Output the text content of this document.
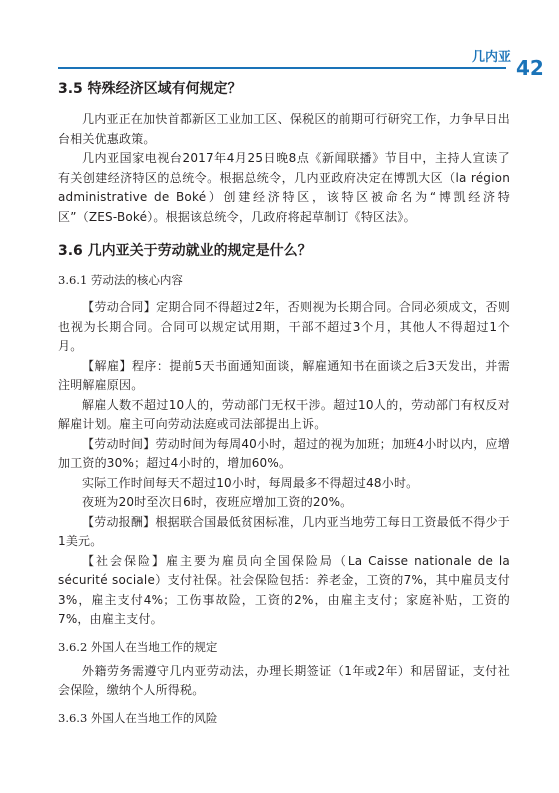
几内亚 42
3.5 特殊经济区域有何规定？

几内亚正在加快首都新区工业加工区、保税区的前期可行研究工作，力争早日出台相关优惠政策。

几内亚国家电视台2017年4月25日晚8点《新闻联播》节目中，主持人宣读了有关创建经济特区的总统令。根据总统令，几内亚政府决定在博凯大区（la région administrative de Boké）创建经济特区，该特区被命名为“博凯经济特区”（ZES-Boké）。根据该总统令，几政府将起草制订《特区法》。

3.6 几内亚关于劳动就业的规定是什么？
3.6.1 劳动法的核心内容

【劳动合同】定期合同不得超过2年，否则视为长期合同。合同必须成文，否则也视为长期合同。合同可以规定试用期，干部不超过3个月，其他人不得超过1个月。

【解雇】程序：提前5天书面通知面谈，解雇通知书在面谈之后3天发出，并需注明解雇原因。

解雇人数不超过10人的，劳动部门无权干涉。超过10人的，劳动部门有权反对解雇计划。雇主可向劳动法庭或司法部提出上诉。

【劳动时间】劳动时间为每周40小时，超过的视为加班；加班4小时以内，应增加工资的30%；超过4小时的，增加60%。

实际工作时间每天不超过10小时，每周最多不得超过48小时。

夜班为20时至次日6时，夜班应增加工资的20%。

【劳动报酬】根据联合国最低贫困标准，几内亚当地劳工每日工资最低不得少于1美元。

【社会保险】雇主要为雇员向全国保险局（La Caisse nationale de la sécurité sociale）支付社保。社会保险包括：养老金，工资的7%，其中雇员支付3%，雇主支付4%；工伤事故险，工资的2%，由雇主支付；家庭补贴，工资的7%，由雇主支付。

3.6.2 外国人在当地工作的规定

外籍劳务需遵守几内亚劳动法，办理长期签证（1年或2年）和居留证，支付社会保险，缴纳个人所得税。

3.6.3 外国人在当地工作的风险
